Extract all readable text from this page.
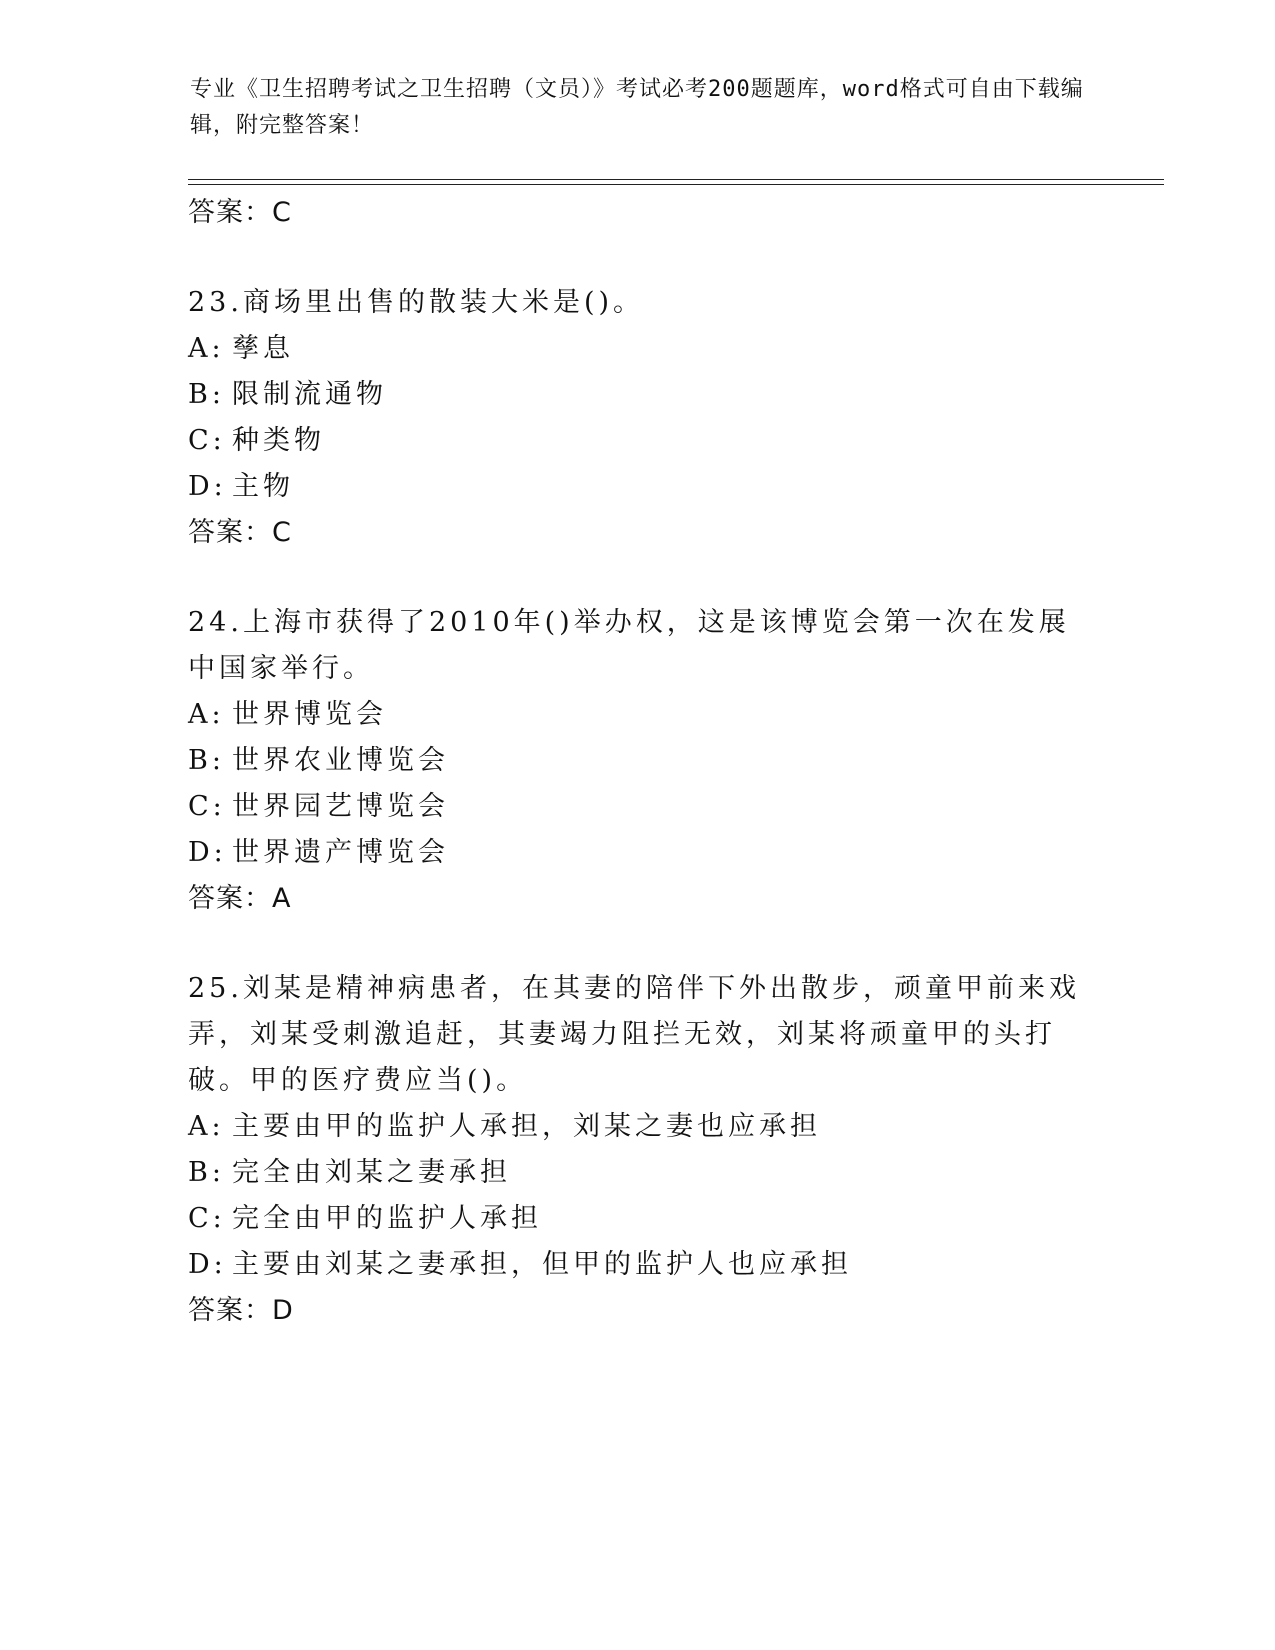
专业《卫生招聘考试之卫生招聘（文员）》考试必考200题题库，word格式可自由下载编辑，附完整答案！
答案：C
23.商场里出售的散装大米是()。
A: 孳息
B: 限制流通物
C: 种类物
D: 主物
答案：C
24.上海市获得了2010年()举办权，这是该博览会第一次在发展中国家举行。
A: 世界博览会
B: 世界农业博览会
C: 世界园艺博览会
D: 世界遗产博览会
答案：A
25.刘某是精神病患者，在其妻的陪伴下外出散步，顽童甲前来戏弄，刘某受刺激追赶，其妻竭力阻拦无效，刘某将顽童甲的头打破。甲的医疗费应当()。
A: 主要由甲的监护人承担，刘某之妻也应承担
B: 完全由刘某之妻承担
C: 完全由甲的监护人承担
D: 主要由刘某之妻承担，但甲的监护人也应承担
答案：D
